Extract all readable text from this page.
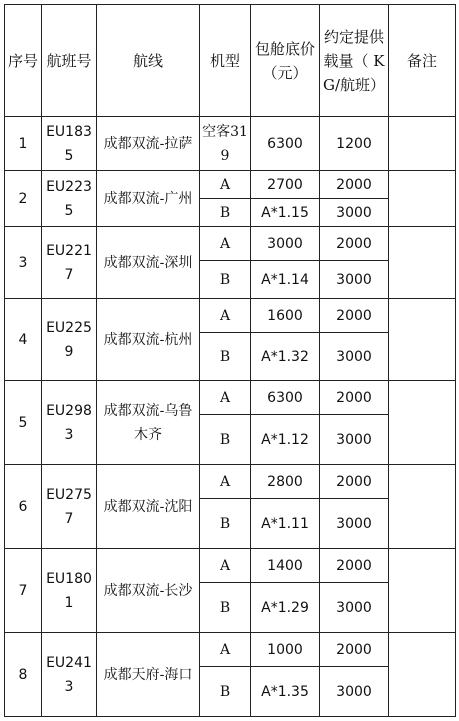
序号	航班号	航线	机型	包舱底价（元）	约定提供载量（ KG/航班）	备注
1	EU1835	成都双流-拉萨	空客319	6300	1200	
2	EU2235	成都双流-广州	A	2700	2000	
			B	A*1.15	3000	
3	EU2217	成都双流-深圳	A	3000	2000	
			B	A*1.14	3000	
4	EU2259	成都双流-杭州	A	1600	2000	
			B	A*1.32	3000	
5	EU2983	成都双流-乌鲁木齐	A	6300	2000	
			B	A*1.12	3000	
6	EU2757	成都双流-沈阳	A	2800	2000	
			B	A*1.11	3000	
7	EU1801	成都双流-长沙	A	1400	2000	
			B	A*1.29	3000	
8	EU2413	成都天府-海口	A	1000	2000	
			B	A*1.35	3000	
